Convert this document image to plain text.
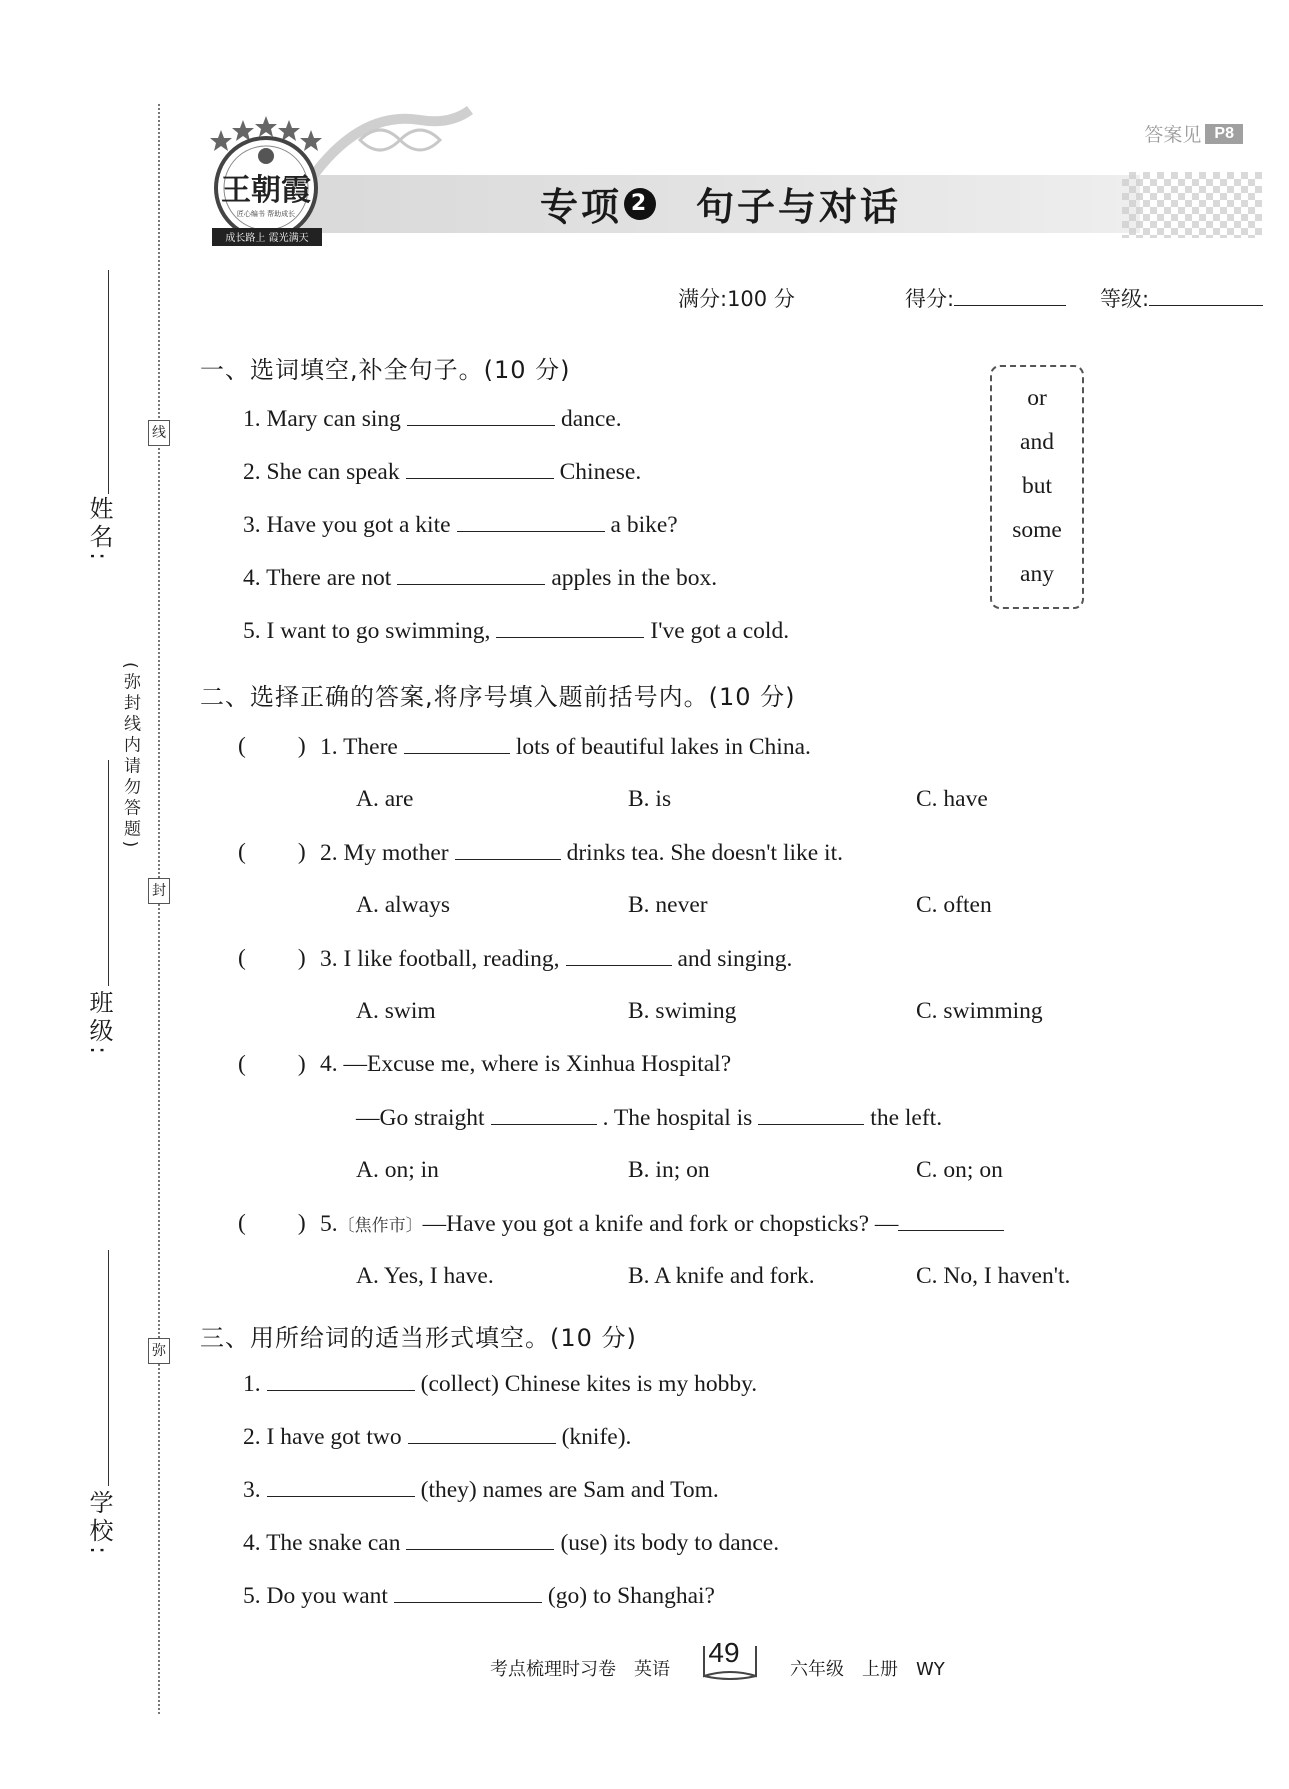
姓名:
班级:
学校:
(弥封线内请勿答题)
线
封
弥
答案见 P8
专项 2 句子与对话
王朝霞
匠心编书 帮助成长
成长路上 霞光满天
满分:100 分	得分:	等级:
一、选词填空,补全句子。(10 分)
1. Mary can sing	dance.
2. She can speak	Chinese.
3. Have you got a kite	a bike?
4. There are not	apples in the box.
5. I want to go swimming,	I've got a cold.
or
and
but
some
any
二、选择正确的答案,将序号填入题前括号内。(10 分)
( ) 1. There	lots of beautiful lakes in China.
A. are	B. is	C. have
( ) 2. My mother	drinks tea. She doesn't like it.
A. always	B. never	C. often
( ) 3. I like football, reading,	and singing.
A. swim	B. swiming	C. swimming
( ) 4. —Excuse me, where is Xinhua Hospital?
—Go straight	. The hospital is	the left.
A. on; in	B. in; on	C. on; on
( ) 5.〔焦作市〕—Have you got a knife and fork or chopsticks? —
A. Yes, I have.	B. A knife and fork.	C. No, I haven't.
三、用所给词的适当形式填空。(10 分)
1.	(collect) Chinese kites is my hobby.
2. I have got two	(knife).
3.	(they) names are Sam and Tom.
4. The snake can	(use) its body to dance.
5. Do you want	(go) to Shanghai?
考点梳理时习卷　英语
49
六年级　上册　WY
